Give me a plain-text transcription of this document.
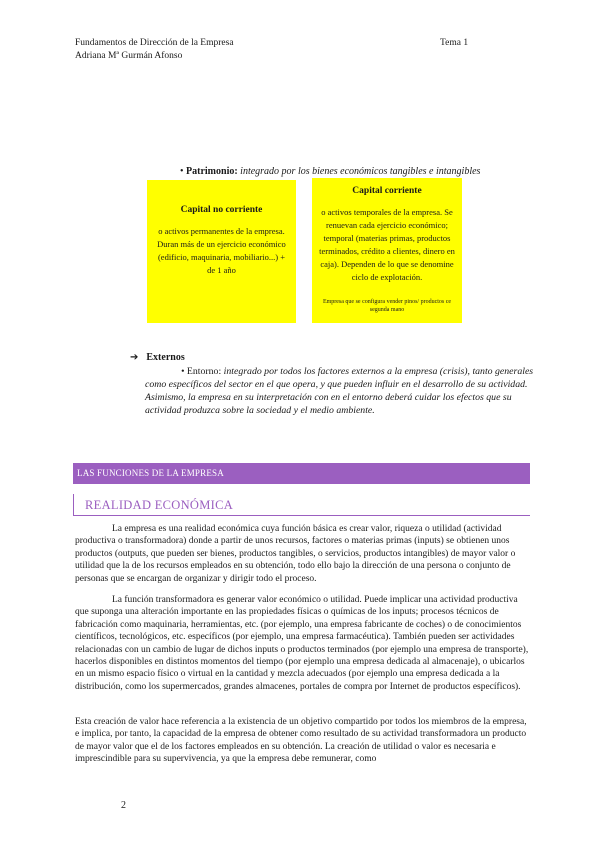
Fundamentos de Dirección de la Empresa
Adriana Mª Gurmán Afonso
Tema 1
• Patrimonio: integrado por los bienes económicos tangibles e intangibles
Capital no corriente
o activos permanentes de la empresa. Duran más de un ejercicio económico (edificio, maquinaria, mobiliario...) + de 1 año
Capital corriente
o activos temporales de la empresa. Se renuevan cada ejercicio económico; temporal (materias primas, productos terminados, crédito a clientes, dinero en caja). Dependen de lo que se denomine ciclo de explotación.
Empresa que se configura vender pinos/ productos ce segunda mano
➔ Externos
• Entorno: integrado por todos los factores externos a la empresa (crisis), tanto generales como específicos del sector en el que opera, y que pueden influir en el desarrollo de su actividad. Asimismo, la empresa en su interpretación con en el entorno deberá cuidar los efectos que su actividad produzca sobre la sociedad y el medio ambiente.
LAS FUNCIONES DE LA EMPRESA
REALIDAD ECONÓMICA
La empresa es una realidad económica cuya función básica es crear valor, riqueza o utilidad (actividad productiva o transformadora) donde a partir de unos recursos, factores o materias primas (inputs) se obtienen unos productos (outputs, que pueden ser bienes, productos tangibles, o servicios, productos intangibles) de mayor valor o utilidad que la de los recursos empleados en su obtención, todo ello bajo la dirección de una persona o conjunto de personas que se encargan de organizar y dirigir todo el proceso.
La función transformadora es generar valor económico o utilidad. Puede implicar una actividad productiva que suponga una alteración importante en las propiedades físicas o químicas de los inputs; procesos técnicos de fabricación como maquinaria, herramientas, etc. (por ejemplo, una empresa fabricante de coches) o de conocimientos científicos, tecnológicos, etc. específicos (por ejemplo, una empresa farmacéutica). También pueden ser actividades relacionadas con un cambio de lugar de dichos inputs o productos terminados (por ejemplo una empresa de transporte), hacerlos disponibles en distintos momentos del tiempo (por ejemplo una empresa dedicada al almacenaje), o ubicarlos en un mismo espacio físico o virtual en la cantidad y mezcla adecuados (por ejemplo una empresa dedicada a la distribución, como los supermercados, grandes almacenes, portales de compra por Internet de productos específicos).
Esta creación de valor hace referencia a la existencia de un objetivo compartido por todos los miembros de la empresa, e implica, por tanto, la capacidad de la empresa de obtener como resultado de su actividad transformadora un producto de mayor valor que el de los factores empleados en su obtención. La creación de utilidad o valor es necesaria e imprescindible para su supervivencia, ya que la empresa debe remunerar, como
2
